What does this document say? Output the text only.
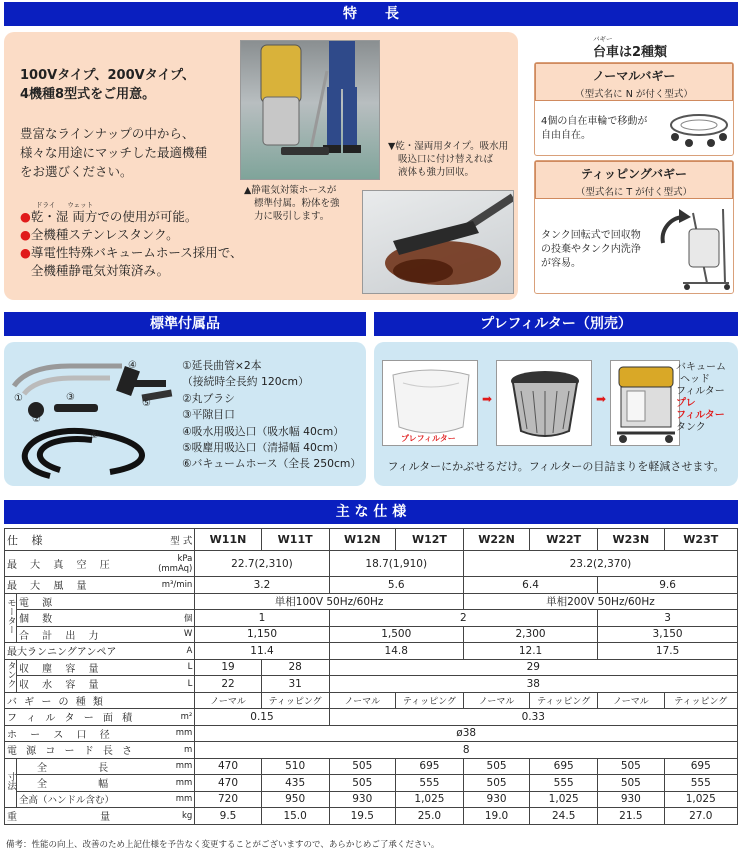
特　　長
100Vタイプ、200Vタイプ、
4機種8型式をご用意。
豊富なラインナップの中から、
様々な用途にマッチした最適機種
をお選びください。
ドライ ウェット
●乾・湿 両方での使用が可能。
●全機種ステンレスタンク。
●導電性特殊バキュームホース採用で、
全機種静電気対策済み。
▲静電気対策ホースが
標準付属。粉体を強
力に吸引します。
▼乾・湿両用タイプ。吸水用
吸込口に付け替えれば
液体も強力回収。
バギー
台車は2種類
ノーマルバギー
（型式名に N が付く型式）
4個の自在車輪で移動が
自由自在。
ティッピングバギー
（型式名に T が付く型式）
タンク回転式で回収物
の投棄やタンク内洗浄
が容易。
標準付属品
①
②
③
④
⑤
⑥
①延長曲管×2本
（接続時全長約 120cm）
②丸ブラシ
③平隙目口
④吸水用吸込口（吸水幅 40cm）
⑤吸塵用吸込口（清掃幅 40cm）
⑥バキュームホース（全長 250cm）
プレフィルター（別売）
プレフィルター
➡	➡
バキューム
ヘッド
フィルター
プレ
フィルター
タンク
フィルターにかぶせるだけ。フィルターの目詰まりを軽減させます。
主 な 仕 様
仕 様		型 式	W11N	W11T	W12N	W12T	W22N	W22T	W23N	W23T
最 大 真 空 圧		kPa
(mmAq)	22.7(2,310)		18.7(1,910)		23.2(2,370)			
最 大 風 量		m³/min	3.2		5.6		6.4		9.6	
モーター	電 源		単相100V 50Hz/60Hz				単相200V 50Hz/60Hz			
	個 数	個	1		2				3	
	合 計 出 力	W	1,150		1,500		2,300		3,150	
最大ランニングアンペア		A	11.4		14.8		12.1		17.5	
タンク	収 塵 容 量	L	19	28	29					
	収 水 容 量	L	22	31	38					
バ ギ ー の 種 類			ノーマル	ティッピング	ノーマル	ティッピング	ノーマル	ティッピング	ノーマル	ティッピング
フ ィ ル タ ー 面 積		m²	0.15		0.33					
ホ ー ス 口 径		mm	ø38							
電 源 コ ー ド 長 さ		m	8							
寸法	全 長	mm	470	510	505	695	505	695	505	695
	全 幅	mm	470	435	505	555	505	555	505	555
	全高（ハンドル含む）	mm	720	950	930	1,025	930	1,025	930	1,025
重 量		kg	9.5	15.0	19.5	25.0	19.0	24.5	21.5	27.0
備考：性能の向上、改善のため上記仕様を予告なく変更することがございますので、あらかじめご了承ください。
